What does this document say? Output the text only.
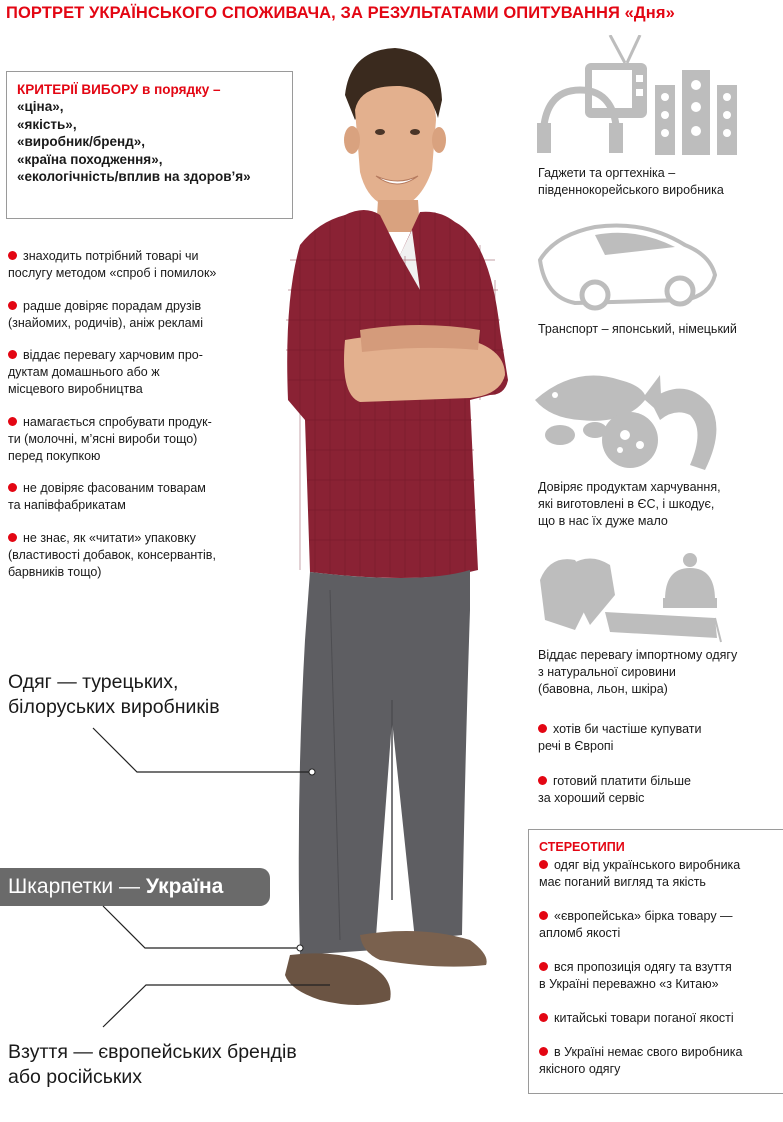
ПОРТРЕТ УКРАЇНСЬКОГО СПОЖИВАЧА, ЗА РЕЗУЛЬТАТАМИ ОПИТУВАННЯ «Дня»
КРИТЕРІЇ ВИБОРУ в порядку –
«ціна»,
«якість»,
«виробник/бренд»,
«країна походження»,
«екологічність/вплив на здоров’я»
знаходить потрібний товарі чи
послугу методом «спроб і помилок»
радше довіряє порадам друзів
(знайомих, родичів), аніж рекламі
віддає перевагу харчовим про-
дуктам домашнього або ж
місцевого виробництва
намагається спробувати продук-
ти (молочні, м’ясні вироби тощо)
перед покупкою
не довіряє фасованим товарам
та напівфабрикатам
не знає, як «читати» упаковку
(властивості добавок, консервантів,
барвників тощо)
Одяг — турецьких,
білоруських виробників
Шкарпетки — Україна
Взуття — європейських брендів
або російських
Гаджети та оргтехніка –
південнокорейського виробника
Транспорт – японський, німецький
Довіряє продуктам харчування,
які виготовлені в ЄС, і шкодує,
що в нас їх дуже мало
Віддає перевагу імпортному одягу
з натуральної сировини
(бавовна, льон, шкіра)
хотів би частіше купувати
речі в Європі
готовий платити більше
за хороший сервіс
СТЕРЕОТИПИ
одяг від українського виробника
має поганий вигляд та якість
«європейська» бірка товару —
апломб якості
вся пропозиція одягу та взуття
в Україні переважно «з Китаю»
китайські товари поганої якості
в Україні немає свого виробника
якісного одягу
